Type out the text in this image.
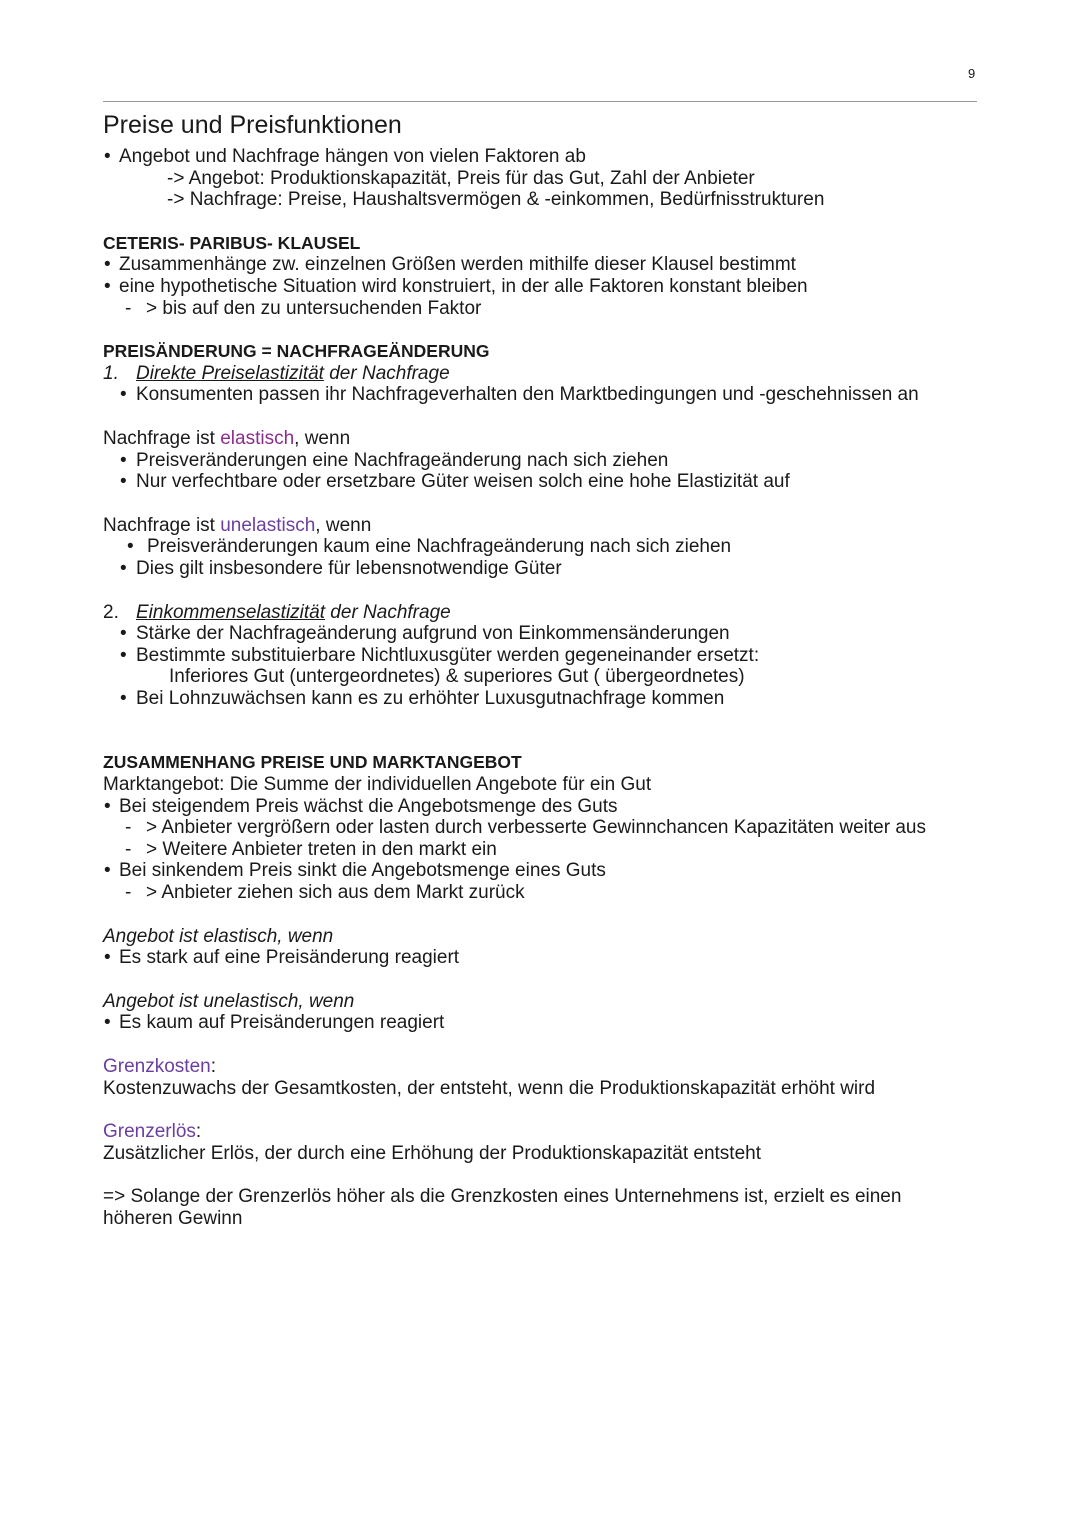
9
Preise und Preisfunktionen
• Angebot und Nachfrage hängen von vielen Faktoren ab
-> Angebot: Produktionskapazität, Preis für das Gut, Zahl der Anbieter
-> Nachfrage: Preise, Haushaltsvermögen & -einkommen, Bedürfnisstrukturen
CETERIS- PARIBUS- KLAUSEL
• Zusammenhänge zw. einzelnen Größen werden mithilfe dieser Klausel bestimmt
• eine hypothetische Situation wird konstruiert, in der alle Faktoren konstant bleiben
- > bis auf den zu untersuchenden Faktor
PREISÄNDERUNG = NACHFRAGEÄNDERUNG
1. Direkte Preiselastizität der Nachfrage
• Konsumenten passen ihr Nachfrageverhalten den Marktbedingungen und -geschehnissen an
Nachfrage ist elastisch, wenn
• Preisveränderungen eine Nachfrageänderung nach sich ziehen
• Nur verfechtbare oder ersetzbare Güter weisen solch eine hohe Elastizität auf
Nachfrage ist unelastisch, wenn
• Preisveränderungen kaum eine Nachfrageänderung nach sich ziehen
• Dies gilt insbesondere für lebensnotwendige Güter
2. Einkommenselastizität der Nachfrage
• Stärke der Nachfrageänderung aufgrund von Einkommensänderungen
• Bestimmte substituierbare Nichtluxusgüter werden gegeneinander ersetzt:
Inferiores Gut (untergeordnetes) & superiores Gut ( übergeordnetes)
• Bei Lohnzuwächsen kann es zu erhöhter Luxusgutnachfrage kommen
ZUSAMMENHANG PREISE UND MARKTANGEBOT
Marktangebot: Die Summe der individuellen Angebote für ein Gut
• Bei steigendem Preis wächst die Angebotsmenge des Guts
- > Anbieter vergrößern oder lasten durch verbesserte Gewinnchancen Kapazitäten weiter aus
- > Weitere Anbieter treten in den markt ein
• Bei sinkendem Preis sinkt die Angebotsmenge eines Guts
- > Anbieter ziehen sich aus dem Markt zurück
Angebot ist elastisch, wenn
• Es stark auf eine Preisänderung reagiert
Angebot ist unelastisch, wenn
• Es kaum auf Preisänderungen reagiert
Grenzkosten:
Kostenzuwachs der Gesamtkosten, der entsteht, wenn die Produktionskapazität erhöht wird
Grenzerlös:
Zusätzlicher Erlös, der durch eine Erhöhung der Produktionskapazität entsteht
=> Solange der Grenzerlös höher als die Grenzkosten eines Unternehmens ist, erzielt es einen
höheren Gewinn
